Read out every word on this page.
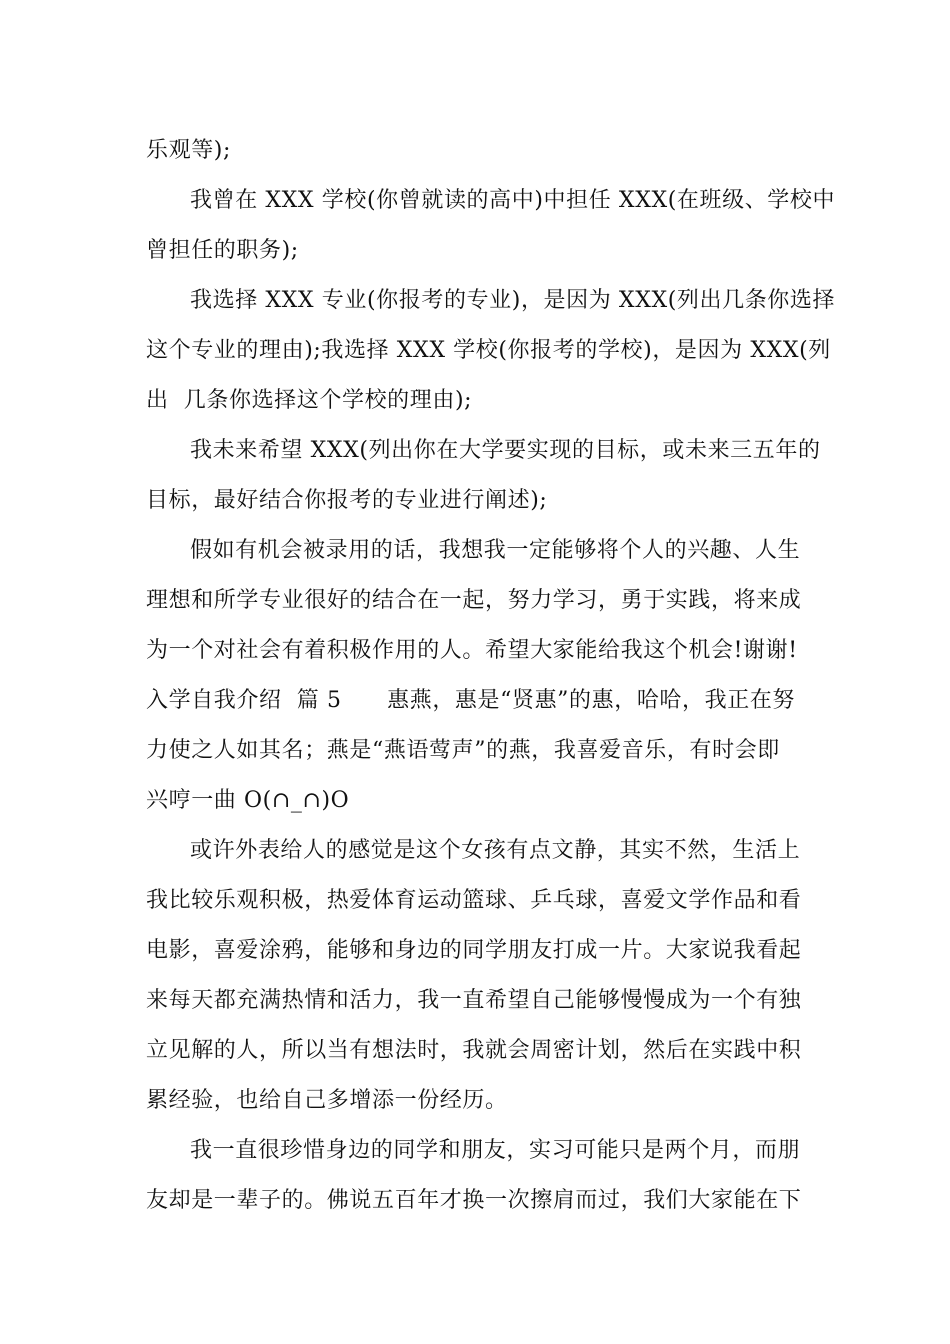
乐观等);
我曾在 XXX 学校(你曾就读的高中)中担任 XXX(在班级、学校中
曾担任的职务);
我选择 XXX 专业(你报考的专业)，是因为 XXX(列出几条你选择
这个专业的理由);我选择 XXX 学校(你报考的学校)，是因为 XXX(列
出  几条你选择这个学校的理由);
我未来希望 XXX(列出你在大学要实现的目标，或未来三五年的
目标，最好结合你报考的专业进行阐述);
假如有机会被录用的话，我想我一定能够将个人的兴趣、人生
理想和所学专业很好的结合在一起，努力学习，勇于实践，将来成
为一个对社会有着积极作用的人。希望大家能给我这个机会!谢谢!
入学自我介绍  篇 5      惠燕，惠是“贤惠”的惠，哈哈，我正在努
力使之人如其名；燕是“燕语莺声”的燕，我喜爱音乐，有时会即
兴哼一曲 O(∩_∩)O
或许外表给人的感觉是这个女孩有点文静，其实不然，生活上
我比较乐观积极，热爱体育运动篮球、乒乓球，喜爱文学作品和看
电影，喜爱涂鸦，能够和身边的同学朋友打成一片。大家说我看起
来每天都充满热情和活力，我一直希望自己能够慢慢成为一个有独
立见解的人，所以当有想法时，我就会周密计划，然后在实践中积
累经验，也给自己多增添一份经历。
我一直很珍惜身边的同学和朋友，实习可能只是两个月，而朋
友却是一辈子的。佛说五百年才换一次擦肩而过，我们大家能在下
